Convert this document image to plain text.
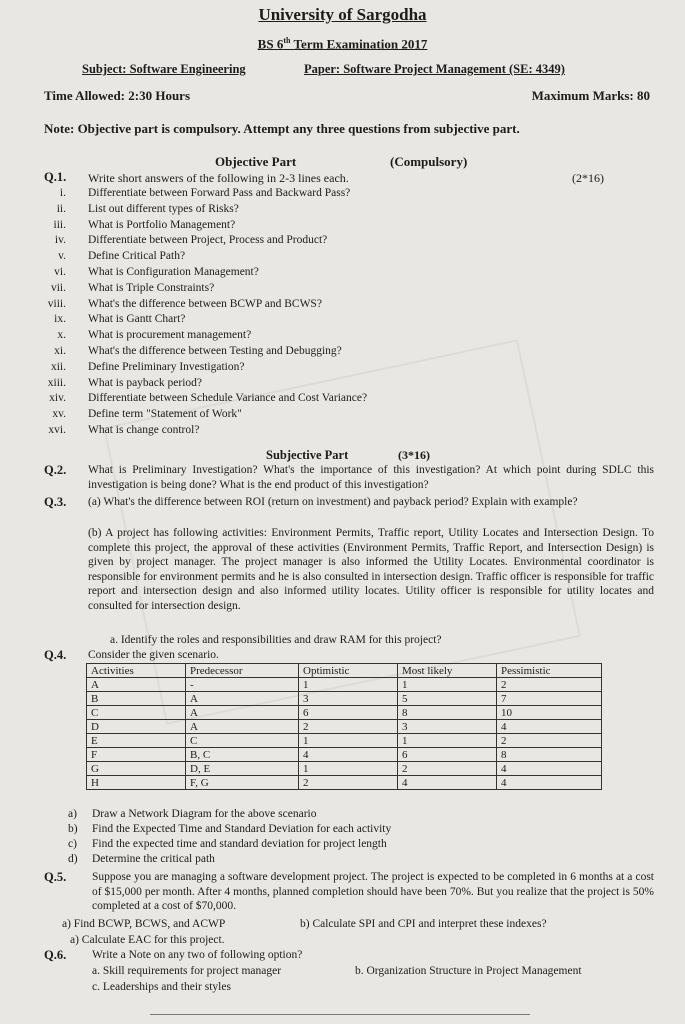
University of Sargodha
BS 6th Term Examination 2017
Subject: Software Engineering	Paper: Software Project Management (SE: 4349)
Time Allowed: 2:30 Hours	Maximum Marks: 80
Note: Objective part is compulsory. Attempt any three questions from subjective part.
Objective Part	(Compulsory)
Q.1. Write short answers of the following in 2-3 lines each.	(2*16)
i. Differentiate between Forward Pass and Backward Pass?
ii. List out different types of Risks?
iii. What is Portfolio Management?
iv. Differentiate between Project, Process and Product?
v. Define Critical Path?
vi. What is Configuration Management?
vii. What is Triple Constraints?
viii. What's the difference between BCWP and BCWS?
ix. What is Gantt Chart?
x. What is procurement management?
xi. What's the difference between Testing and Debugging?
xii. Define Preliminary Investigation?
xiii. What is payback period?
xiv. Differentiate between Schedule Variance and Cost Variance?
xv. Define term "Statement of Work"
xvi. What is change control?
Subjective Part	(3*16)
Q.2. What is Preliminary Investigation? What's the importance of this investigation? At which point during SDLC this investigation is being done? What is the end product of this investigation?
Q.3. (a) What's the difference between ROI (return on investment) and payback period? Explain with example?
(b) A project has following activities: Environment Permits, Traffic report, Utility Locates and Intersection Design. To complete this project, the approval of these activities (Environment Permits, Traffic Report, and Intersection Design) is given by project manager. The project manager is also informed the Utility Locates. Environmental coordinator is responsible for environment permits and he is also consulted in intersection design. Traffic officer is responsible for traffic report and intersection design and also informed utility locates. Utility officer is responsible for utility locates and consulted for intersection design.
a. Identify the roles and responsibilities and draw RAM for this project?
Q.4. Consider the given scenario.
Activities	Predecessor	Optimistic	Most likely	Pessimistic
A	-	1	1	2
B	A	3	5	7
C	A	6	8	10
D	A	2	3	4
E	C	1	1	2
F	B, C	4	6	8
G	D, E	1	2	4
H	F, G	2	4	4
a) Draw a Network Diagram for the above scenario
b) Find the Expected Time and Standard Deviation for each activity
c) Find the expected time and standard deviation for project length
d) Determine the critical path
Q.5. Suppose you are managing a software development project. The project is expected to be completed in 6 months at a cost of $15,000 per month. After 4 months, planned completion should have been 70%. But you realize that the project is 50% completed at a cost of $70,000.
a) Find BCWP, BCWS, and ACWP	b) Calculate SPI and CPI and interpret these indexes?
a) Calculate EAC for this project.
Q.6. Write a Note on any two of following option?
a. Skill requirements for project manager	b. Organization Structure in Project Management
c. Leaderships and their styles
